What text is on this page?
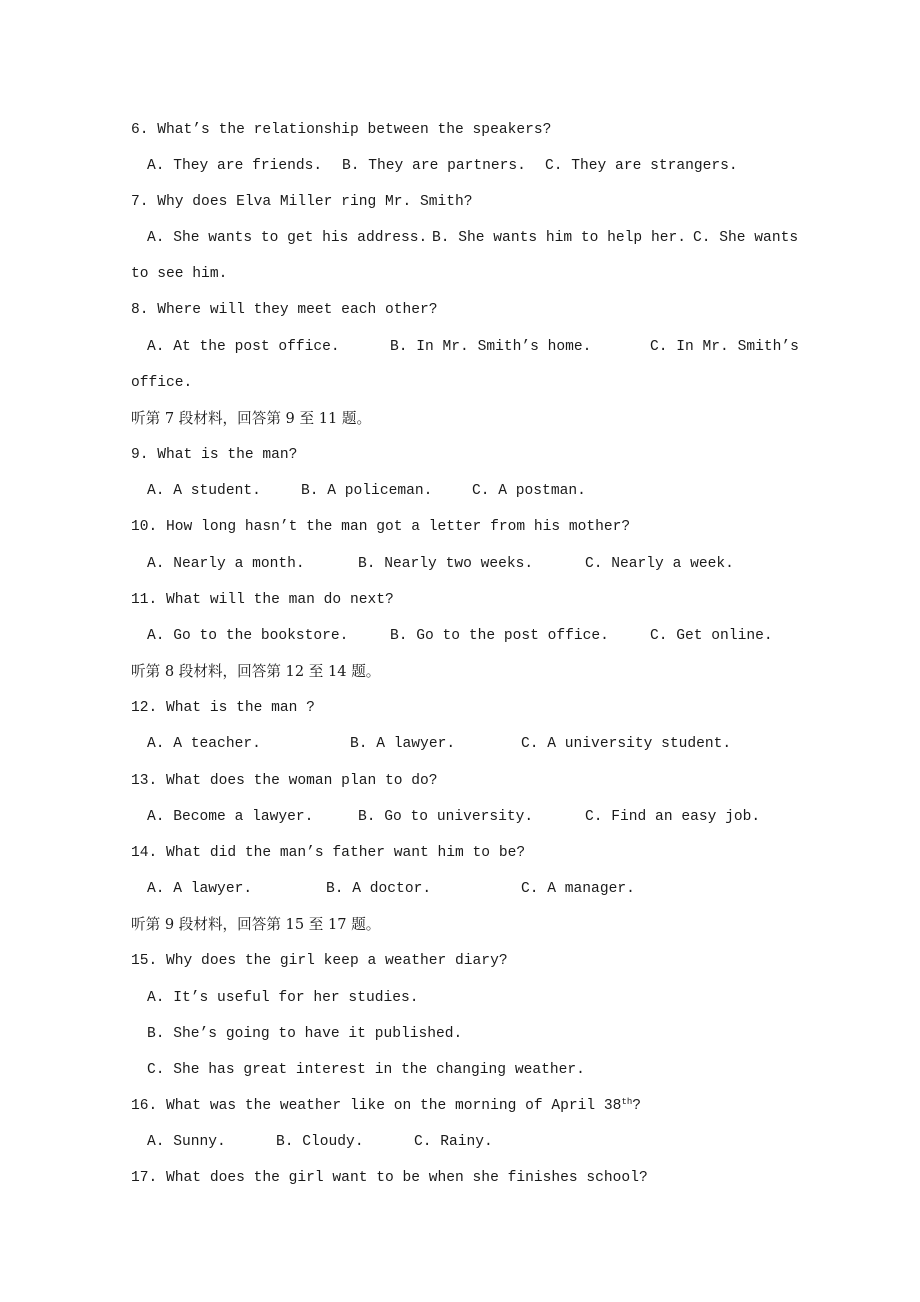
6. What’s the relationship between the speakers?
A. They are friends. B. They are partners. C. They are strangers.
7. Why does Elva Miller ring Mr. Smith?
A. She wants to get his address. B. She wants him to help her. C. She wants
to see him.
8. Where will they meet each other?
A. At the post office.	B. In Mr. Smith’s home.	C. In Mr. Smith’s
office.
听第 7 段材料，回答第 9 至 11 题。
9. What is the man?
A. A student.	B. A policeman.	C. A postman.
10. How long hasn’t the man got a letter from his mother?
A. Nearly a month.	B. Nearly two weeks.	C. Nearly a week.
11. What will the man do next?
A. Go to the bookstore.	B. Go to the post office.	C. Get online.
听第 8 段材料，回答第 12 至 14 题。
12. What is the man ?
A. A teacher.	B. A lawyer.	C. A university student.
13. What does the woman plan to do?
A. Become a lawyer.	B. Go to university.	C. Find an easy job.
14. What did the man’s father want him to be?
A. A lawyer.	B. A doctor.	C. A manager.
听第 9 段材料，回答第 15 至 17 题。
15. Why does the girl keep a weather diary?
A. It’s useful for her studies.
B. She’s going to have it published.
C. She has great interest in the changing weather.
16. What was the weather like on the morning of April 38th?
A. Sunny.	B. Cloudy.	C. Rainy.
17. What does the girl want to be when she finishes school?
